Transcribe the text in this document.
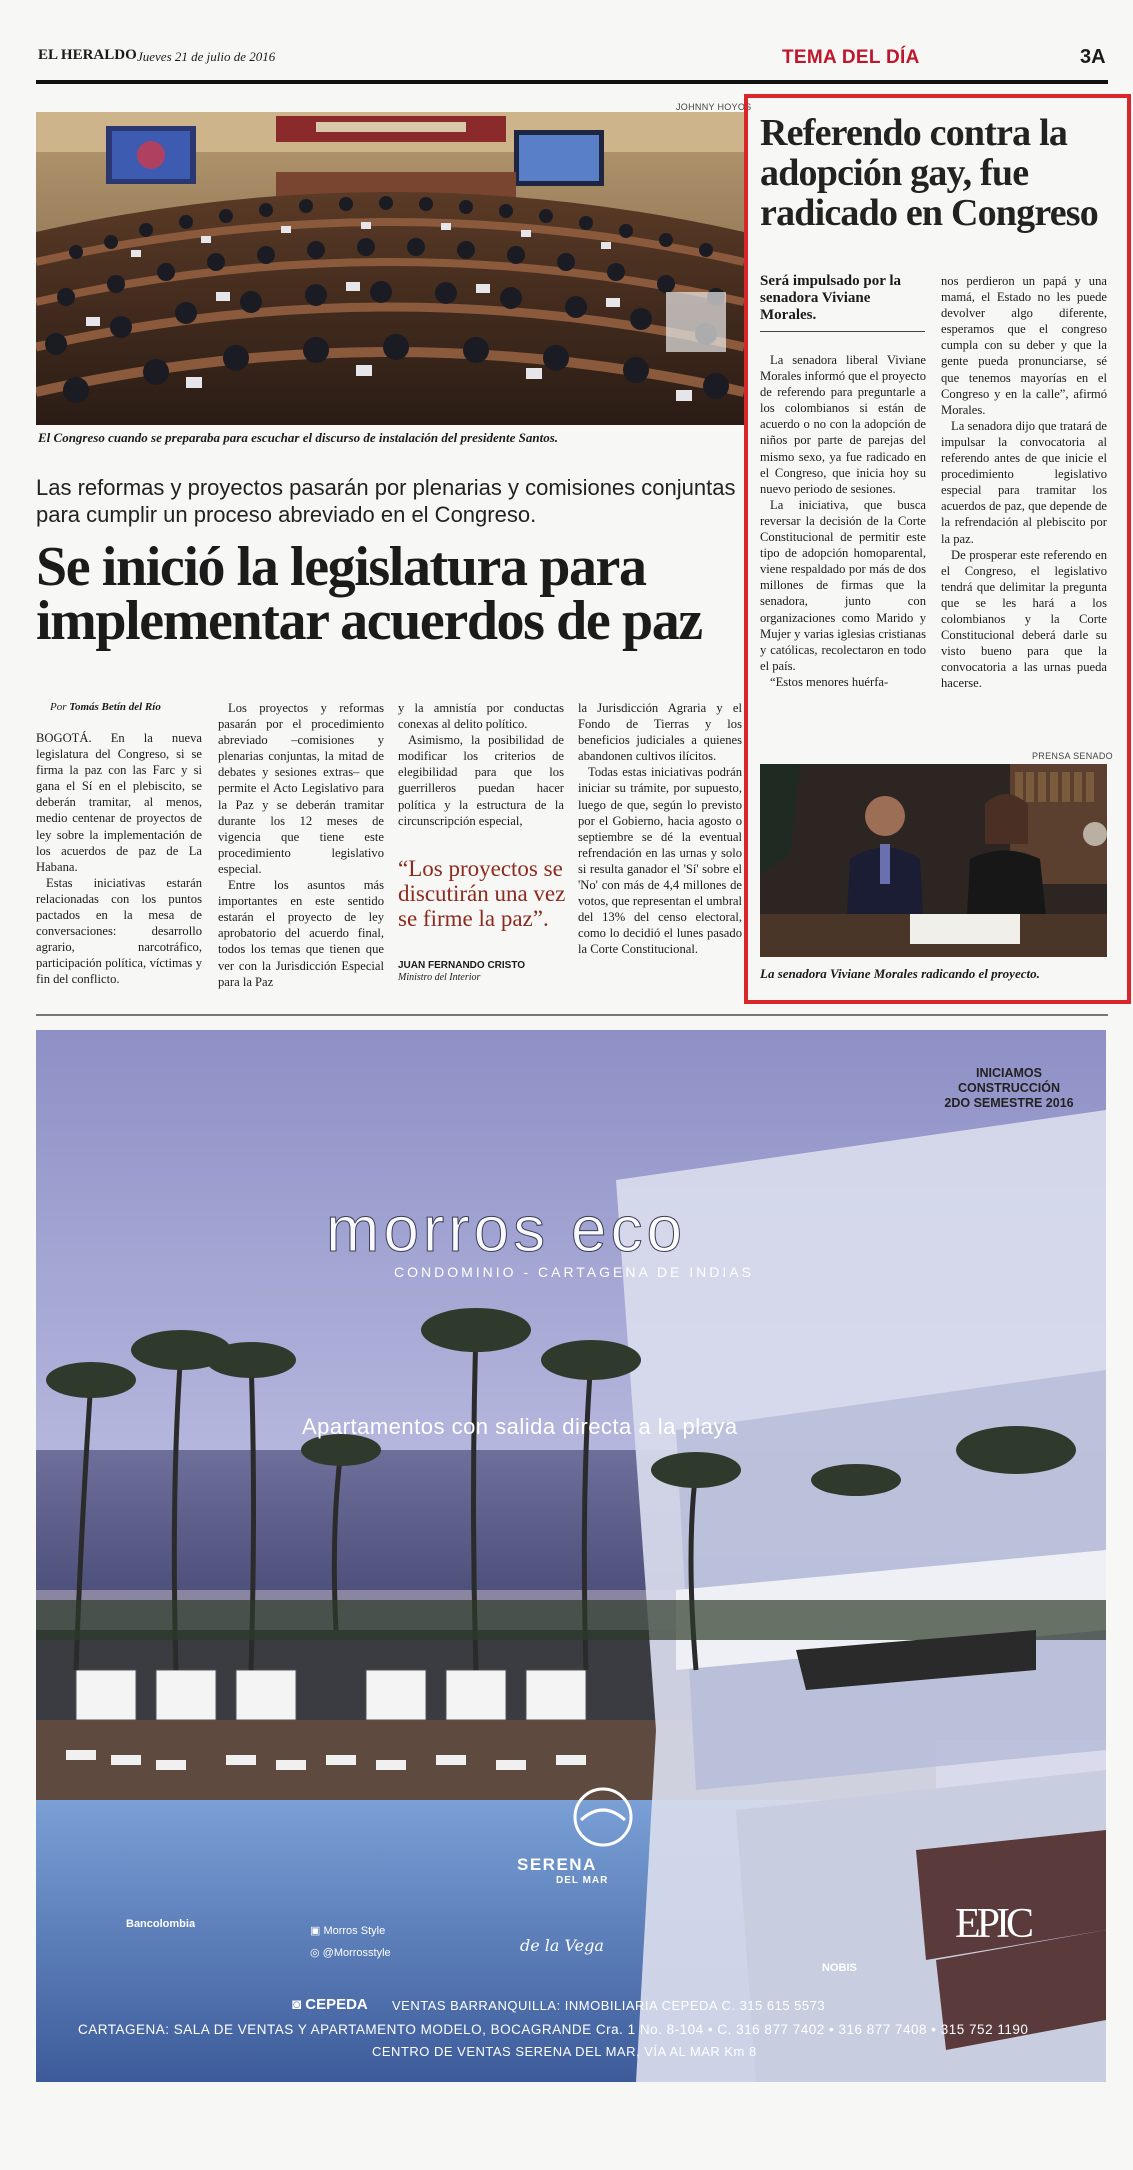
EL HERALDO Jueves 21 de julio de 2016	TEMA DEL DÍA	3A
JOHNNY HOYOS
El Congreso cuando se preparaba para escuchar el discurso de instalación del presidente Santos.
Las reformas y proyectos pasarán por plenarias y comisiones conjuntas para cumplir un proceso abreviado en el Congreso.
Se inició la legislatura para implementar acuerdos de paz
Por Tomás Betín del Río

BOGOTÁ. En la nueva legislatura del Congreso, si se firma la paz con las Farc y si gana el Sí en el plebiscito, se deberán tramitar, al menos, medio centenar de proyectos de ley sobre la implementación de los acuerdos de paz de La Habana.

Estas iniciativas estarán relacionadas con los puntos pactados en la mesa de conversaciones: desarrollo agrario, narcotráfico, participación política, víctimas y fin del conflicto.

Los proyectos y reformas pasarán por el procedimiento abreviado –comisiones y plenarias conjuntas, la mitad de debates y sesiones extras– que permite el Acto Legislativo para la Paz y se deberán tramitar durante los 12 meses de vigencia que tiene este procedimiento legislativo especial.

Entre los asuntos más importantes en este sentido estarán el proyecto de ley aprobatorio del acuerdo final, todos los temas que tienen que ver con la Jurisdicción Especial para la Paz

y la amnistía por conductas conexas al delito político.

Asimismo, la posibilidad de modificar los criterios de elegibilidad para que los guerrilleros puedan hacer política y la estructura de la circunscripción especial,

“Los proyectos se discutirán una vez se firme la paz”.
JUAN FERNANDO CRISTO
Ministro del Interior

la Jurisdicción Agraria y el Fondo de Tierras y los beneficios judiciales a quienes abandonen cultivos ilícitos.

Todas estas iniciativas podrán iniciar su trámite, por supuesto, luego de que, según lo previsto por el Gobierno, hacia agosto o septiembre se dé la eventual refrendación en las urnas y solo si resulta ganador el 'Sí' sobre el 'No' con más de 4,4 millones de votos, que representan el umbral del 13% del censo electoral, como lo decidió el lunes pasado la Corte Constitucional.

Referendo contra la adopción gay, fue radicado en Congreso
Será impulsado por la senadora Viviane Morales.

La senadora liberal Viviane Morales informó que el proyecto de referendo para preguntarle a los colombianos si están de acuerdo o no con la adopción de niños por parte de parejas del mismo sexo, ya fue radicado en el Congreso, que inicia hoy su nuevo periodo de sesiones.

La iniciativa, que busca reversar la decisión de la Corte Constitucional de permitir este tipo de adopción homoparental, viene respaldado por más de dos millones de firmas que la senadora, junto con organizaciones como Marido y Mujer y varias iglesias cristianas y católicas, recolectaron en todo el país.

“Estos menores huérfa-

nos perdieron un papá y una mamá, el Estado no les puede devolver algo diferente, esperamos que el congreso cumpla con su deber y que la gente pueda pronunciarse, sé que tenemos mayorías en el Congreso y en la calle”, afirmó Morales.

La senadora dijo que tratará de impulsar la convocatoria al referendo antes de que inicie el procedimiento legislativo especial para tramitar los acuerdos de paz, que depende de la refrendación al plebiscito por la paz.

De prosperar este referendo en el Congreso, el legislativo tendrá que delimitar la pregunta que se les hará a los colombianos y la Corte Constitucional deberá darle su visto bueno para que la convocatoria a las urnas pueda hacerse.

PRENSA SENADO
La senadora Viviane Morales radicando el proyecto.
INICIAMOS CONSTRUCCIÓN
2DO SEMESTRE 2016
morros eco
CONDOMINIO - CARTAGENA DE INDIAS
Apartamentos con salida directa a la playa
SERENA
DEL MAR
Bancolombia
▣ Morros Style
◎ @Morrosstyle	de la Vega
NOBIS
EPIC
◙ CEPEDA VENTAS BARRANQUILLA: INMOBILIARIA CEPEDA C. 315 615 5573
CARTAGENA: SALA DE VENTAS Y APARTAMENTO MODELO, BOCAGRANDE Cra. 1 No. 8-104 • C. 316 877 7402 • 316 877 7408 • 315 752 1190
CENTRO DE VENTAS SERENA DEL MAR, VÍA AL MAR Km 8
